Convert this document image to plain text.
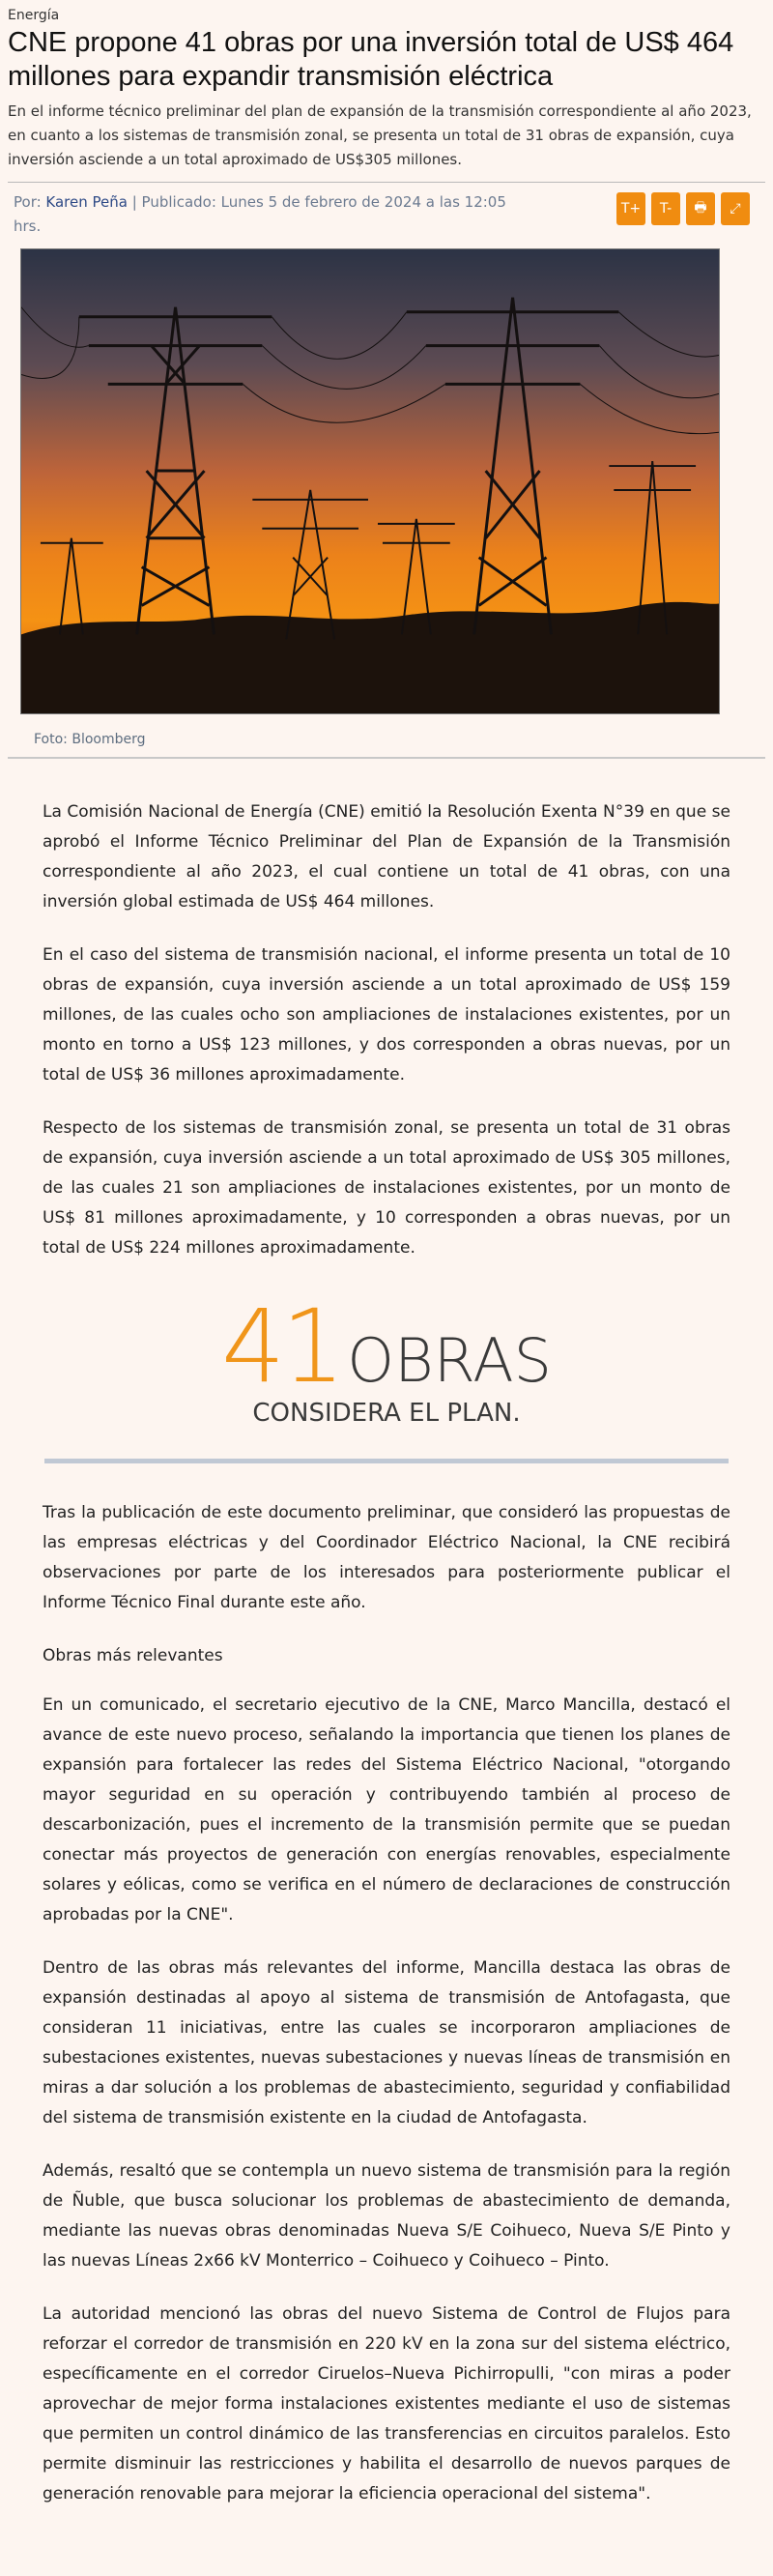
Energía
CNE propone 41 obras por una inversión total de US$ 464 millones para expandir transmisión eléctrica

En el informe técnico preliminar del plan de expansión de la transmisión correspondiente al año 2023, en cuanto a los sistemas de transmisión zonal, se presenta un total de 31 obras de expansión, cuya inversión asciende a un total aproximado de US$305 millones.

Por: Karen Peña | Publicado: Lunes 5 de febrero de 2024 a las 12:05 hrs.
T+	T-	🖶	⤢
Foto: Bloomberg

La Comisión Nacional de Energía (CNE) emitió la Resolución Exenta N°39 en que se aprobó el Informe Técnico Preliminar del Plan de Expansión de la Transmisión correspondiente al año 2023, el cual contiene un total de 41 obras, con una inversión global estimada de US$ 464 millones.

En el caso del sistema de transmisión nacional, el informe presenta un total de 10 obras de expansión, cuya inversión asciende a un total aproximado de US$ 159 millones, de las cuales ocho son ampliaciones de instalaciones existentes, por un monto en torno a US$ 123 millones, y dos corresponden a obras nuevas, por un total de US$ 36 millones aproximadamente.

Respecto de los sistemas de transmisión zonal, se presenta un total de 31 obras de expansión, cuya inversión asciende a un total aproximado de US$ 305 millones, de las cuales 21 son ampliaciones de instalaciones existentes, por un monto de US$ 81 millones aproximadamente, y 10 corresponden a obras nuevas, por un total de US$ 224 millones aproximadamente.

41OBRAS
CONSIDERA EL PLAN.

Tras la publicación de este documento preliminar, que consideró las propuestas de las empresas eléctricas y del Coordinador Eléctrico Nacional, la CNE recibirá observaciones por parte de los interesados para posteriormente publicar el Informe Técnico Final durante este año.

Obras más relevantes

En un comunicado, el secretario ejecutivo de la CNE, Marco Mancilla, destacó el avance de este nuevo proceso, señalando la importancia que tienen los planes de expansión para fortalecer las redes del Sistema Eléctrico Nacional, "otorgando mayor seguridad en su operación y contribuyendo también al proceso de descarbonización, pues el incremento de la transmisión permite que se puedan conectar más proyectos de generación con energías renovables, especialmente solares y eólicas, como se verifica en el número de declaraciones de construcción aprobadas por la CNE".

Dentro de las obras más relevantes del informe, Mancilla destaca las obras de expansión destinadas al apoyo al sistema de transmisión de Antofagasta, que consideran 11 iniciativas, entre las cuales se incorporaron ampliaciones de subestaciones existentes, nuevas subestaciones y nuevas líneas de transmisión en miras a dar solución a los problemas de abastecimiento, seguridad y confiabilidad del sistema de transmisión existente en la ciudad de Antofagasta.

Además, resaltó que se contempla un nuevo sistema de transmisión para la región de Ñuble, que busca solucionar los problemas de abastecimiento de demanda, mediante las nuevas obras denominadas Nueva S/E Coihueco, Nueva S/E Pinto y las nuevas Líneas 2x66 kV Monterrico – Coihueco y Coihueco – Pinto.

La autoridad mencionó las obras del nuevo Sistema de Control de Flujos para reforzar el corredor de transmisión en 220 kV en la zona sur del sistema eléctrico, específicamente en el corredor Ciruelos–Nueva Pichirropulli, "con miras a poder aprovechar de mejor forma instalaciones existentes mediante el uso de sistemas que permiten un control dinámico de las transferencias en circuitos paralelos. Esto permite disminuir las restricciones y habilita el desarrollo de nuevos parques de generación renovable para mejorar la eficiencia operacional del sistema".
